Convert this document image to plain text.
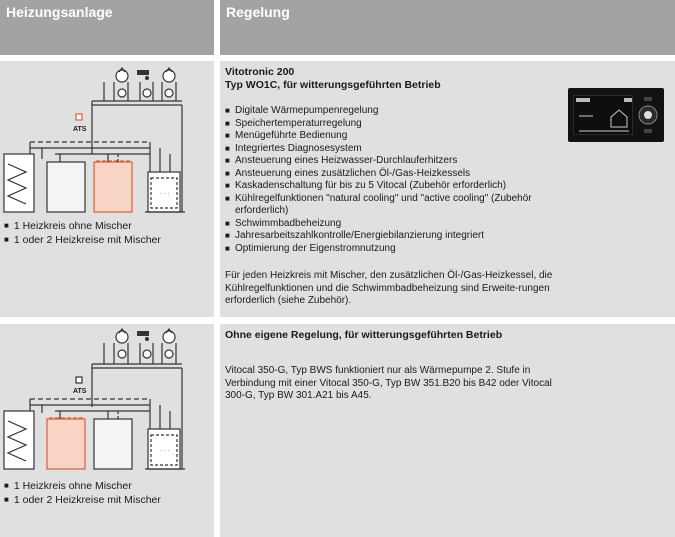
Heizungsanlage	Regelung
· · ·
ATS
■ 1 Heizkreis ohne Mischer
■ 1 oder 2 Heizkreise mit Mischer
Vitotronic 200
Typ WO1C, für witterungsgeführten Betrieb
■ Digitale Wärmepumpenregelung
■ Speichertemperaturregelung
■ Menügeführte Bedienung
■ Integriertes Diagnosesystem
■ Ansteuerung eines Heizwasser-Durchlauferhitzers
■ Ansteuerung eines zusätzlichen Öl-/Gas-Heizkessels
■ Kaskadenschaltung für bis zu 5 Vitocal (Zubehör erforderlich)
■ Kühlregelfunktionen "natural cooling" und "active cooling" (Zubehör erforderlich)
■ Schwimmbadbeheizung
■ Jahresarbeitszahlkontrolle/Energiebilanzierung integriert
■ Optimierung der Eigenstromnutzung

Für jeden Heizkreis mit Mischer, den zusätzlichen Öl-/Gas-Heizkessel, die Kühlregelfunktionen und die Schwimmbadbeheizung sind Erweite-rungen erforderlich (siehe Zubehör).

· · ·
ATS
■ 1 Heizkreis ohne Mischer
■ 1 oder 2 Heizkreise mit Mischer
Ohne eigene Regelung, für witterungsgeführten Betrieb

Vitocal 350-G, Typ BWS funktioniert nur als Wärmepumpe 2. Stufe in Verbindung mit einer Vitocal 350-G, Typ BW 351.B20 bis B42 oder Vitocal 300-G, Typ BW 301.A21 bis A45.
